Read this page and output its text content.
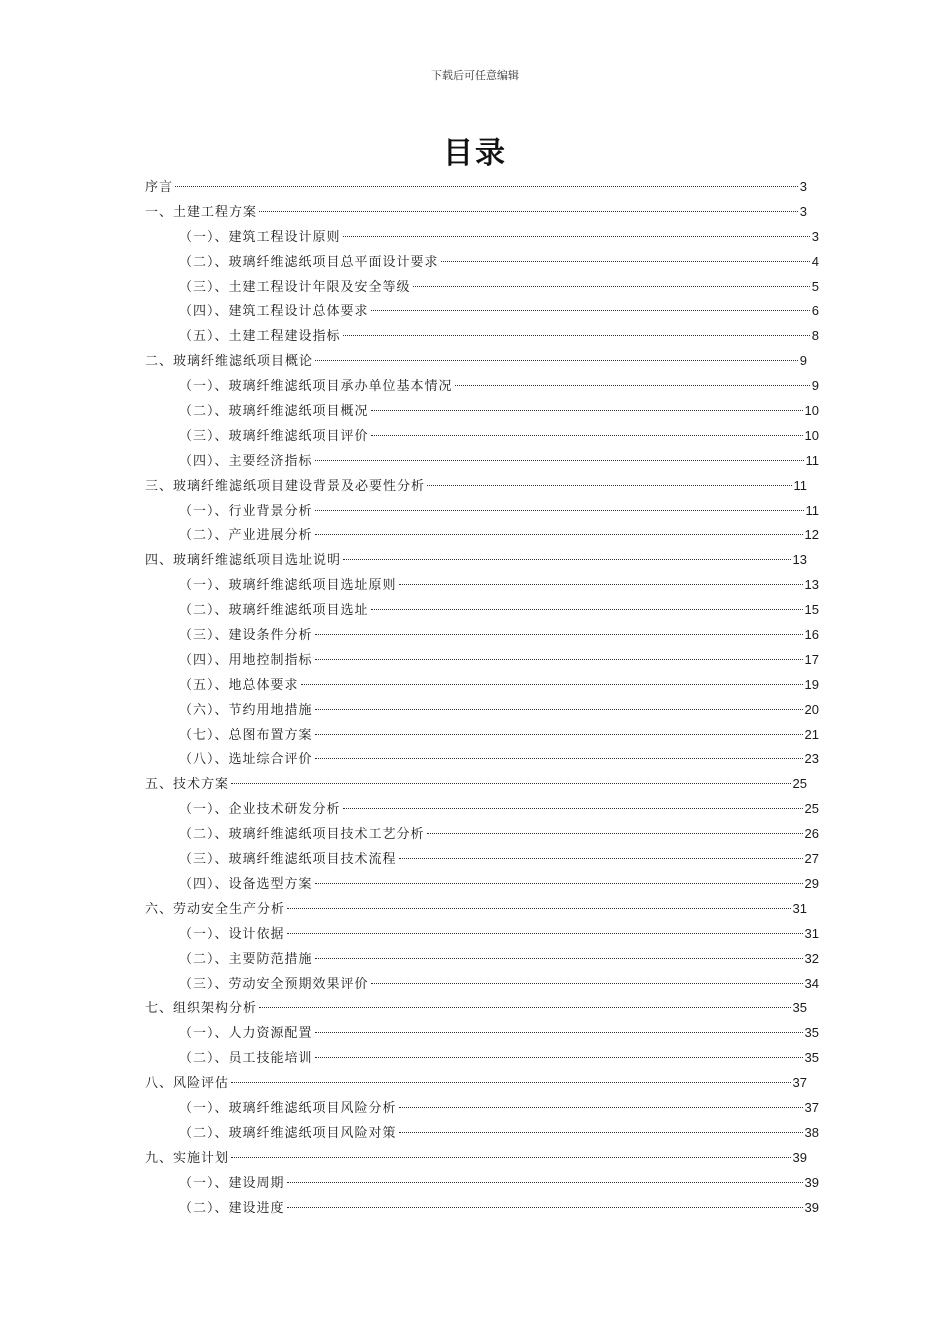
下载后可任意编辑
目录
序言	3
一、土建工程方案	3
（一）、建筑工程设计原则	3
（二）、玻璃纤维滤纸项目总平面设计要求	4
（三）、土建工程设计年限及安全等级	5
（四）、建筑工程设计总体要求	6
（五）、土建工程建设指标	8
二、玻璃纤维滤纸项目概论	9
（一）、玻璃纤维滤纸项目承办单位基本情况	9
（二）、玻璃纤维滤纸项目概况	10
（三）、玻璃纤维滤纸项目评价	10
（四）、主要经济指标	11
三、玻璃纤维滤纸项目建设背景及必要性分析	11
（一）、行业背景分析	11
（二）、产业进展分析	12
四、玻璃纤维滤纸项目选址说明	13
（一）、玻璃纤维滤纸项目选址原则	13
（二）、玻璃纤维滤纸项目选址	15
（三）、建设条件分析	16
（四）、用地控制指标	17
（五）、地总体要求	19
（六）、节约用地措施	20
（七）、总图布置方案	21
（八）、选址综合评价	23
五、技术方案	25
（一）、企业技术研发分析	25
（二）、玻璃纤维滤纸项目技术工艺分析	26
（三）、玻璃纤维滤纸项目技术流程	27
（四）、设备选型方案	29
六、劳动安全生产分析	31
（一）、设计依据	31
（二）、主要防范措施	32
（三）、劳动安全预期效果评价	34
七、组织架构分析	35
（一）、人力资源配置	35
（二）、员工技能培训	35
八、风险评估	37
（一）、玻璃纤维滤纸项目风险分析	37
（二）、玻璃纤维滤纸项目风险对策	38
九、实施计划	39
（一）、建设周期	39
（二）、建设进度	39
